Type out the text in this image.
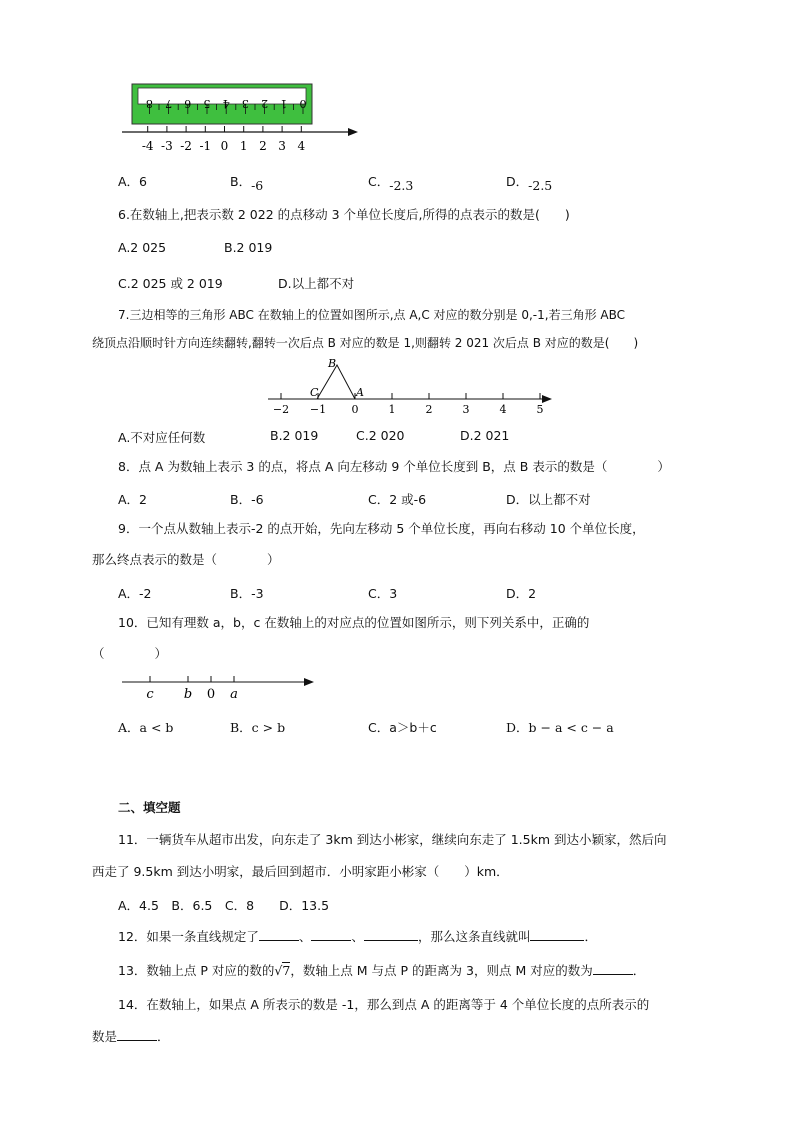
0
1
2
3
4
5
6
7
8
-4 -3 -2 -1 0 1 2 3 4
A．6	B．-6	C．-2.3	D．-2.5
6.在数轴上,把表示数 2 022 的点移动 3 个单位长度后,所得的点表示的数是(　　)
A.2 025	B.2 019
C.2 025 或 2 019	D.以上都不对
7.三边相等的三角形 ABC 在数轴上的位置如图所示,点 A,C 对应的数分别是 0,-1,若三角形 ABC
绕顶点沿顺时针方向连续翻转,翻转一次后点 B 对应的数是 1,则翻转 2 021 次后点 B 对应的数是(　　)
−2 −1 0	1	2	3	4	5
B
C	A
A.不对应任何数	B.2 019	C.2 020	D.2 021
8．点 A 为数轴上表示 3 的点，将点 A 向左移动 9 个单位长度到 B，点 B 表示的数是（　　　　）
A．2	B．-6	C．2 或-6	D．以上都不对
9．一个点从数轴上表示-2 的点开始，先向左移动 5 个单位长度，再向右移动 10 个单位长度，
那么终点表示的数是（　　　　）
A．-2	B．-3	C．3	D．2
10．已知有理数 a，b，c 在数轴上的对应点的位置如图所示，则下列关系中，正确的
（　　　　）
c b 0 a
A．a < b	B．c > b	C．a＞b＋c	D．b − a < c − a
二、填空题
11．一辆货车从超市出发，向东走了 3km 到达小彬家，继续向东走了 1.5km 到达小颖家，然后向
西走了 9.5km 到达小明家，最后回到超市．小明家距小彬家（　　）km．
A．4.5　B．6.5　C．8　　D．13.5
12．如果一条直线规定了	、	、	，那么这条直线就叫	．
13．数轴上点 P 对应的数的√7，数轴上点 M 与点 P 的距离为 3，则点 M 对应的数为	．
14．在数轴上，如果点 A 所表示的数是 -1，那么到点 A 的距离等于 4 个单位长度的点所表示的
数是	．
